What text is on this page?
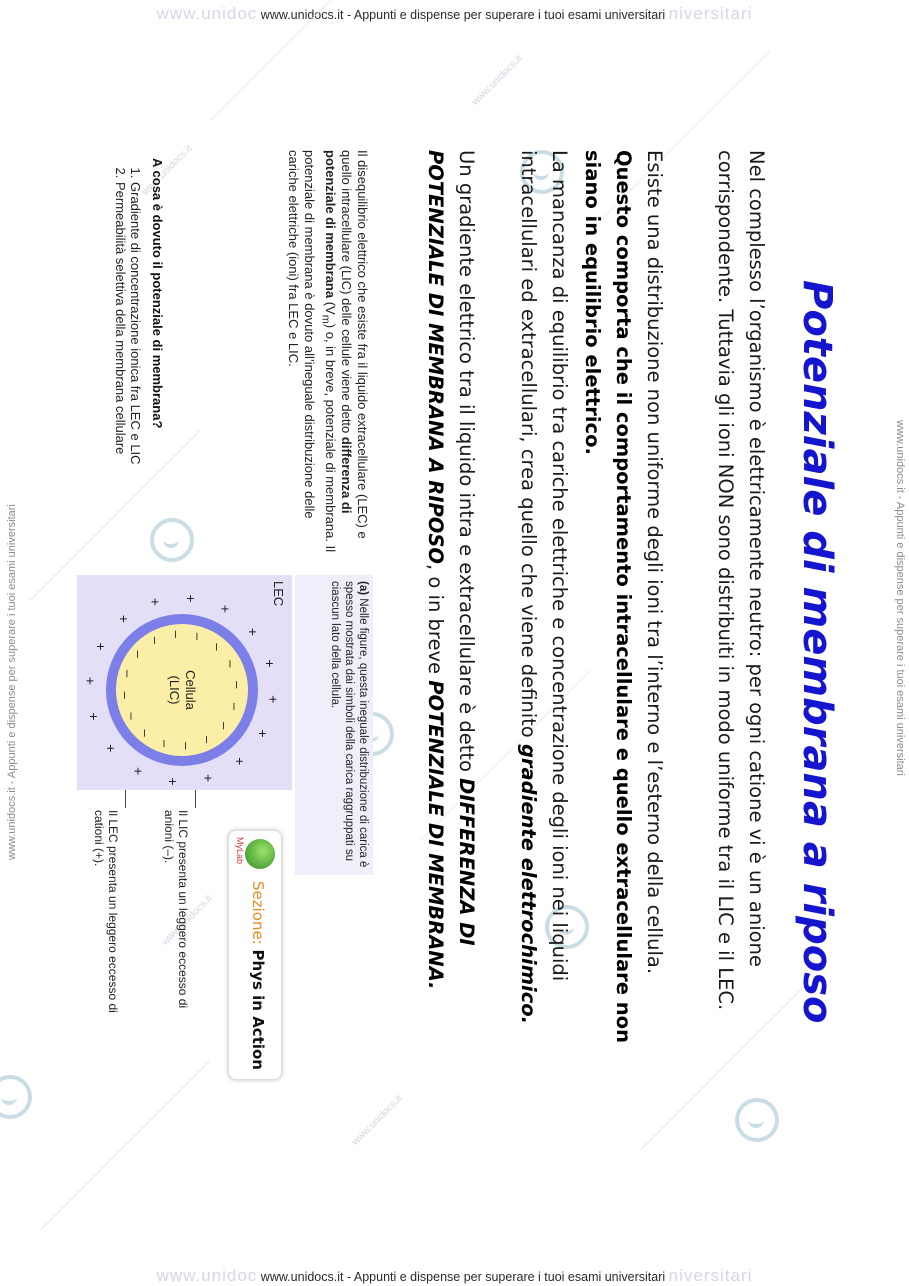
www.unidoc www.unidocs.it - Appunti e dispense per superare i tuoi esami universitari niversitari
www.unidoc www.unidocs.it - Appunti e dispense per superare i tuoi esami universitari niversitari
www.unidocs.it - Appunti e dispense per superare i tuoi esami universitari	www.unidocs.it - Appunti e dispense per superare i tuoi esami universitari
www.unidocs.it
www.unidocs.it
www.unidocs.it
www.unidocs.it	Potenziale di membrana a riposo
Nel complesso l’organismo è elettricamente neutro: per ogni catione vi è un anione corrispondente. Tuttavia gli ioni NON sono distribuiti in modo uniforme tra il LIC e il LEC.
Esiste una distribuzione non uniforme degli ioni tra l’interno e l’esterno della cellula. Questo comporta che il comportamento intracellulare e quello extracellulare non siano in equilibrio elettrico.
La mancanza di equilibrio tra cariche elettriche e concentrazione degli ioni nei liquidi intracellulari ed extracellulari, crea quello che viene definito gradiente elettrochimico.
Un gradiente elettrico tra il liquido intra e extracellulare è detto DIFFERENZA DI POTENZIALE DI MEMBRANA A RIPOSO, o in breve POTENZIALE DI MEMBRANA.
Il disequilibrio elettrico che esiste fra il liquido extracellulare (LEC) e quello intracellulare (LIC) delle cellule viene detto differenza di potenziale di membrana $(V_m)$ o, in breve, potenziale di membrana. Il potenziale di membrana è dovuto all’ineguale distribuzione delle cariche elettriche (ioni) fra LEC e LIC.
A cosa è dovuto il potenziale di membrana?
1. Gradiente di concentrazione ionica fra LEC e LIC
2. Permeabilità selettiva della membrana cellulare
(a) Nelle figure, questa ineguale distribuzione di carica è spesso mostrata dai simboli della carica raggruppati su ciascun lato della cellula.
LEC
Cellula
(LIC)
+
+
+
+
+
+
+
+ +
+
+
+
+
+
+
+
–
–
–
–
–
–
–
– –
–
–
–
–
–
–
–
Il LIC presenta un leggero eccesso di anioni (–).
Il LEC presenta un leggero eccesso di cationi (+).	MyLab
Sezione: Phys in Action
